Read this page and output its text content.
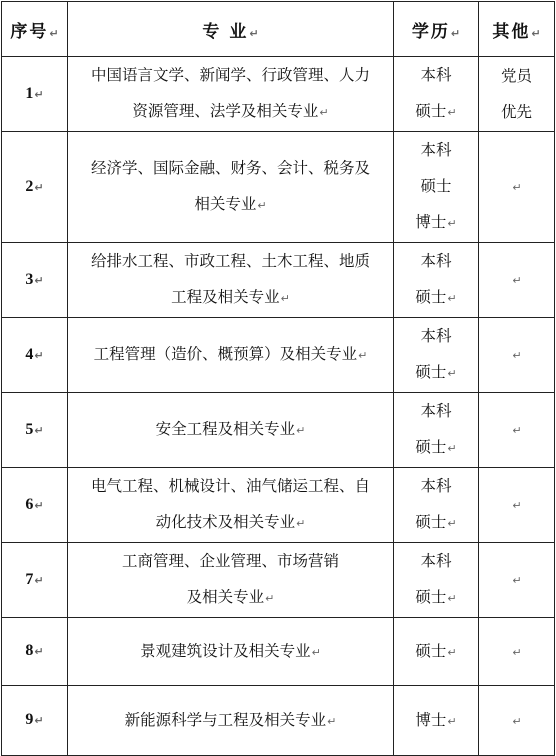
序号↵	专 业↵	学历↵	其他↵
1↵	中国语言文学、新闻学、行政管理、人力
资源管理、法学及相关专业↵	本科
硕士↵	党员
优先

2↵	经济学、国际金融、财务、会计、税务及
相关专业↵	本科
硕士
博士↵	↵
3↵	给排水工程、市政工程、土木工程、地质
工程及相关专业↵	本科
硕士↵	↵
4↵	工程管理（造价、概预算）及相关专业↵	本科
硕士↵	↵
5↵	安全工程及相关专业↵	本科
硕士↵	↵
6↵	电气工程、机械设计、油气储运工程、自
动化技术及相关专业↵	本科
硕士↵	↵
7↵	工商管理、企业管理、市场营销
及相关专业↵	本科
硕士↵	↵
8↵	景观建筑设计及相关专业↵	硕士↵	↵
9↵	新能源科学与工程及相关专业↵	博士↵	↵
